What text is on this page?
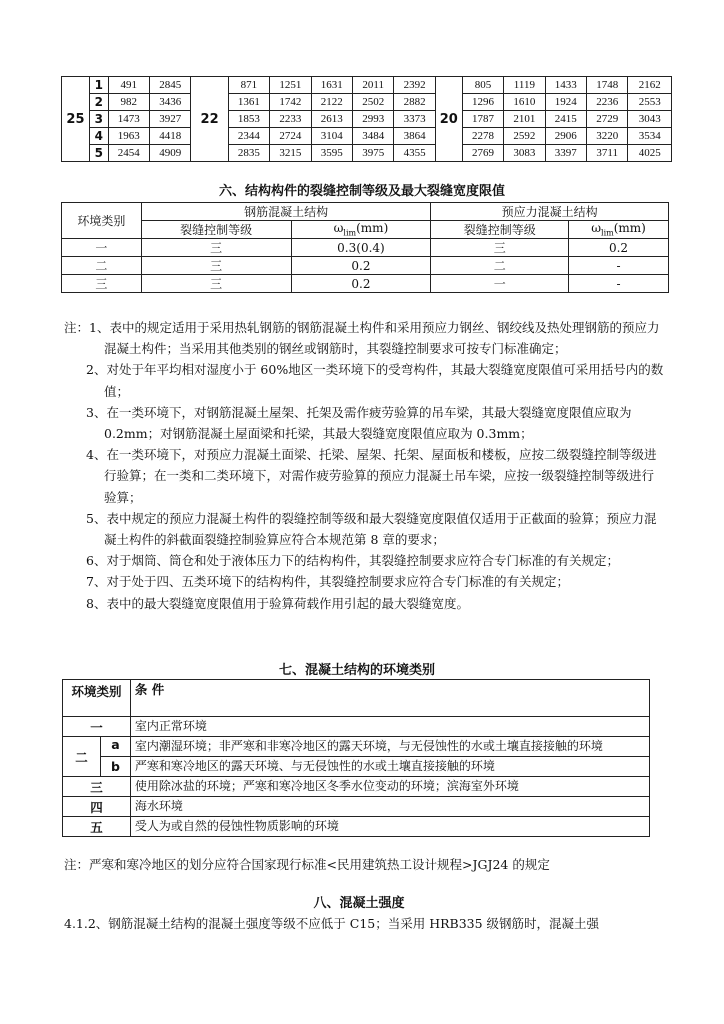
25	1	491	2845	22	871	1251	1631	2011	2392	20	805	1119	1433	1748	2162
	2	982	3436		1361	1742	2122	2502	2882		1296	1610	1924	2236	2553
	3	1473	3927		1853	2233	2613	2993	3373		1787	2101	2415	2729	3043
	4	1963	4418		2344	2724	3104	3484	3864		2278	2592	2906	3220	3534
	5	2454	4909		2835	3215	3595	3975	4355		2769	3083	3397	3711	4025
六、结构构件的裂缝控制等级及最大裂缝宽度限值
环境类别	钢筋混凝土结构		预应力混凝土结构	
	裂缝控制等级	$\omega_{lim}(mm)$	裂缝控制等级	$\omega_{lim}(mm)$
一	三	0.3(0.4)	三	0.2
二	三	0.2	二	-
三	三	0.2	一	-

注：1、表中的规定适用于采用热轧钢筋的钢筋混凝土构件和采用预应力钢丝、钢绞线及热处理钢筋的预应力混凝土构件；当采用其他类别的钢丝或钢筋时，其裂缝控制要求可按专门标准确定；

2、对处于年平均相对湿度小于 60%地区一类环境下的受弯构件，其最大裂缝宽度限值可采用括号内的数值；

3、在一类环境下，对钢筋混凝土屋架、托架及需作疲劳验算的吊车梁，其最大裂缝宽度限值应取为 0.2mm；对钢筋混凝土屋面梁和托梁，其最大裂缝宽度限值应取为 0.3mm；

4、在一类环境下，对预应力混凝土面梁、托梁、屋架、托架、屋面板和楼板，应按二级裂缝控制等级进行验算；在一类和二类环境下，对需作疲劳验算的预应力混凝土吊车梁，应按一级裂缝控制等级进行验算；

5、表中规定的预应力混凝土构件的裂缝控制等级和最大裂缝宽度限值仅适用于正截面的验算；预应力混凝土构件的斜截面裂缝控制验算应符合本规范第 8 章的要求；

6、对于烟筒、筒仓和处于液体压力下的结构构件，其裂缝控制要求应符合专门标准的有关规定；

7、对于处于四、五类环境下的结构构件，其裂缝控制要求应符合专门标准的有关规定；

8、表中的最大裂缝宽度限值用于验算荷载作用引起的最大裂缝宽度。

七、混凝土结构的环境类别
环境类别		条 件
一		室内正常环境
二	a	室内潮湿环境；非严寒和非寒冷地区的露天环境，与无侵蚀性的水或土壤直接接触的环境
	b	严寒和寒冷地区的露天环境、与无侵蚀性的水或土壤直接接触的环境
三		使用除冰盐的环境；严寒和寒冷地区冬季水位变动的环境；滨海室外环境
四		海水环境
五		受人为或自然的侵蚀性物质影响的环境
注：严寒和寒冷地区的划分应符合国家现行标准<民用建筑热工设计规程>JGJ24 的规定
八、混凝土强度
4.1.2、钢筋混凝土结构的混凝土强度等级不应低于 C15；当采用 HRB335 级钢筋时，混凝土强
